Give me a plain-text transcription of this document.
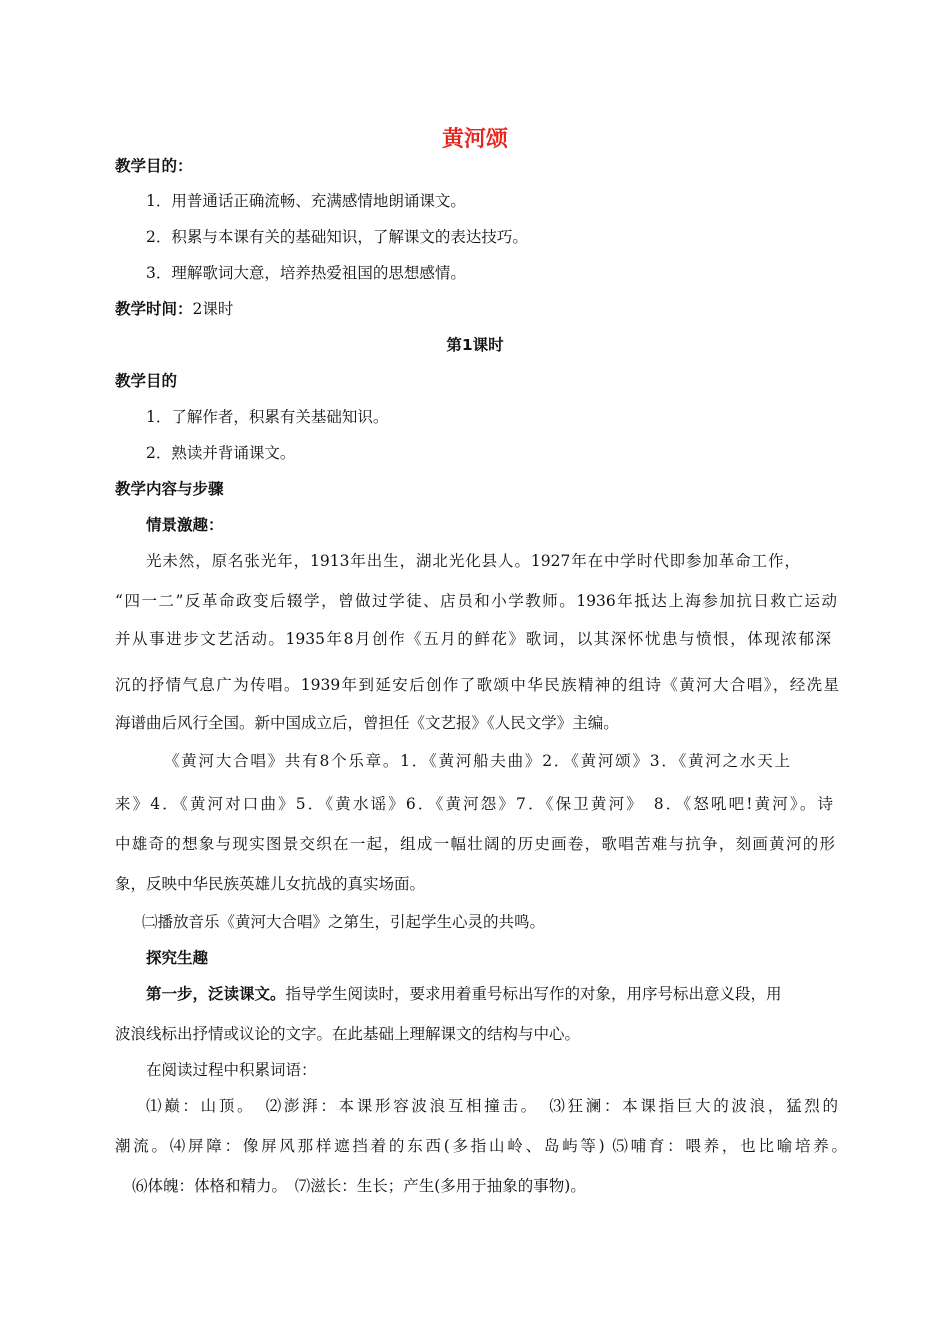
黄河颂
教学目的：
1．用普通话正确流畅、充满感情地朗诵课文。
2．积累与本课有关的基础知识，了解课文的表达技巧。
3．理解歌词大意，培养热爱祖国的思想感情。
教学时间：2课时
第1课时
教学目的
1．了解作者，积累有关基础知识。
2．熟读并背诵课文。
教学内容与步骤
情景激趣：
光未然，原名张光年，1913年出生，湖北光化县人。1927年在中学时代即参加革命工作，
“四一二”反革命政变后辍学，曾做过学徒、店员和小学教师。1936年抵达上海参加抗日救亡运动
并从事进步文艺活动。1935年8月创作《五月的鲜花》歌词，以其深怀忧患与愤恨，体现浓郁深
沉的抒情气息广为传唱。1939年到延安后创作了歌颂中华民族精神的组诗《黄河大合唱》，经冼星
海谱曲后风行全国。新中国成立后，曾担任《文艺报》《人民文学》主编。
《黄河大合唱》共有8个乐章。1．《黄河船夫曲》2．《黄河颂》3．《黄河之水天上
来》4．《黄河对口曲》5．《黄水谣》6．《黄河怨》7．《保卫黄河》　8．《怒吼吧!黄河》。诗
中雄奇的想象与现实图景交织在一起，组成一幅壮阔的历史画卷，歌唱苦难与抗争，刻画黄河的形
象，反映中华民族英雄儿女抗战的真实场面。
㈡播放音乐《黄河大合唱》之第生，引起学生心灵的共鸣。
探究生趣
第一步，泛读课文。指导学生阅读时，要求用着重号标出写作的对象，用序号标出意义段，用
波浪线标出抒情或议论的文字。在此基础上理解课文的结构与中心。
在阅读过程中积累词语：
⑴巅：山顶。　⑵澎湃：本课形容波浪互相撞击。　⑶狂澜：本课指巨大的波浪，猛烈的
潮流。⑷屏障：像屏风那样遮挡着的东西(多指山岭、岛屿等) ⑸哺育：喂养，也比喻培养。
⑹体魄：体格和精力。　⑺滋长：生长；产生(多用于抽象的事物)。
